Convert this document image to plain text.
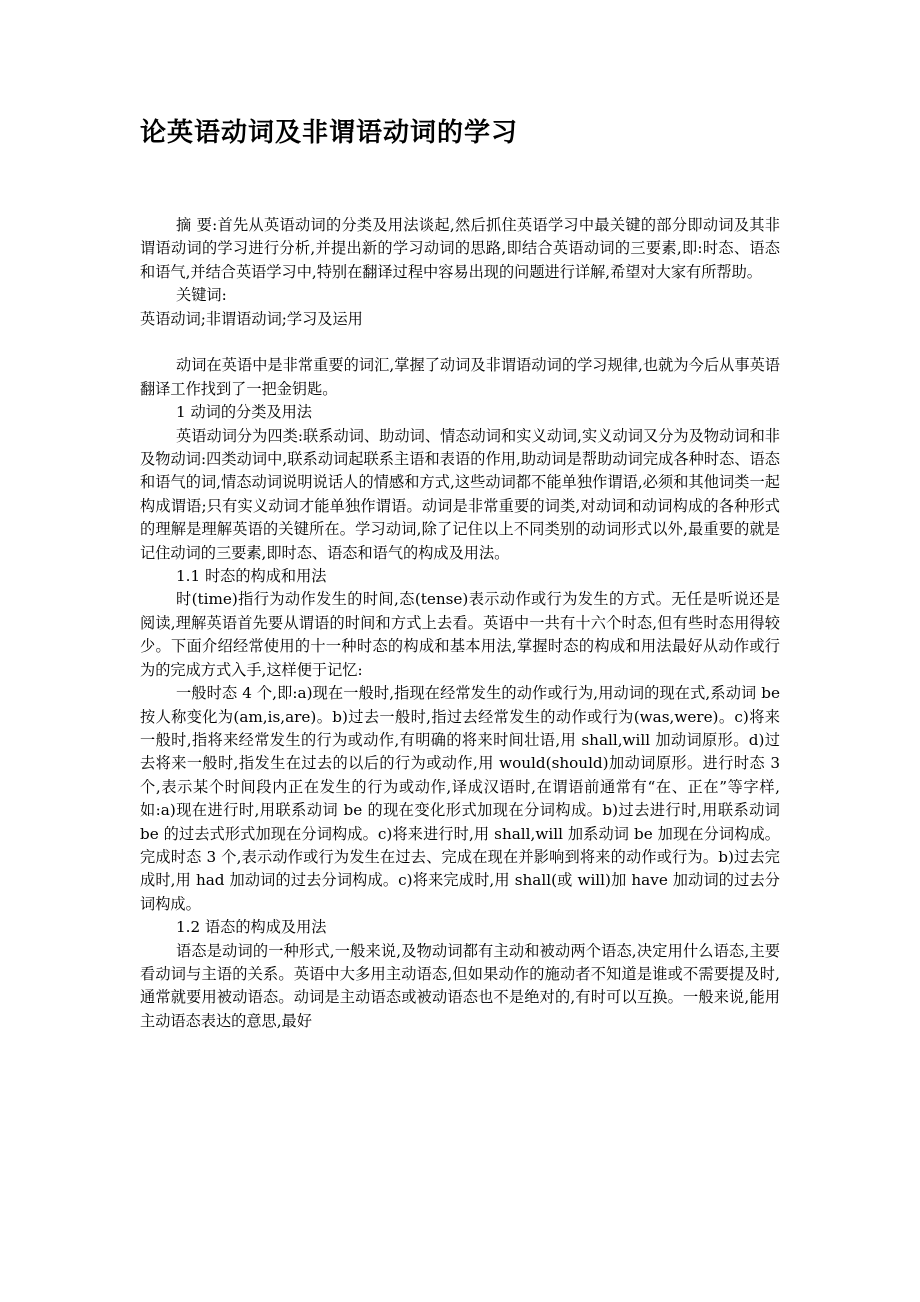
论英语动词及非谓语动词的学习

摘 要:首先从英语动词的分类及用法谈起,然后抓住英语学习中最关键的部分即动词及其非谓语动词的学习进行分析,并提出新的学习动词的思路,即结合英语动词的三要素,即:时态、语态和语气,并结合英语学习中,特别在翻译过程中容易出现的问题进行详解,希望对大家有所帮助。

关键词:

英语动词;非谓语动词;学习及运用

动词在英语中是非常重要的词汇,掌握了动词及非谓语动词的学习规律,也就为今后从事英语翻译工作找到了一把金钥匙。

1 动词的分类及用法

英语动词分为四类:联系动词、助动词、情态动词和实义动词,实义动词又分为及物动词和非及物动词:四类动词中,联系动词起联系主语和表语的作用,助动词是帮助动词完成各种时态、语态和语气的词,情态动词说明说话人的情感和方式,这些动词都不能单独作谓语,必须和其他词类一起构成谓语;只有实义动词才能单独作谓语。动词是非常重要的词类,对动词和动词构成的各种形式的理解是理解英语的关键所在。学习动词,除了记住以上不同类别的动词形式以外,最重要的就是记住动词的三要素,即时态、语态和语气的构成及用法。

1.1 时态的构成和用法

时(time)指行为动作发生的时间,态(tense)表示动作或行为发生的方式。无任是听说还是阅读,理解英语首先要从谓语的时间和方式上去看。英语中一共有十六个时态,但有些时态用得较少。下面介绍经常使用的十一种时态的构成和基本用法,掌握时态的构成和用法最好从动作或行为的完成方式入手,这样便于记忆:

一般时态 4 个,即:a)现在一般时,指现在经常发生的动作或行为,用动词的现在式,系动词 be 按人称变化为(am,is,are)。b)过去一般时,指过去经常发生的动作或行为(was,were)。c)将来一般时,指将来经常发生的行为或动作,有明确的将来时间壮语,用 shall,will 加动词原形。d)过去将来一般时,指发生在过去的以后的行为或动作,用 would(should)加动词原形。进行时态 3 个,表示某个时间段内正在发生的行为或动作,译成汉语时,在谓语前通常有“在、正在”等字样,如:a)现在进行时,用联系动词 be 的现在变化形式加现在分词构成。b)过去进行时,用联系动词 be 的过去式形式加现在分词构成。c)将来进行时,用 shall,will 加系动词 be 加现在分词构成。完成时态 3 个,表示动作或行为发生在过去、完成在现在并影响到将来的动作或行为。b)过去完成时,用 had 加动词的过去分词构成。c)将来完成时,用 shall(或 will)加 have 加动词的过去分词构成。

1.2 语态的构成及用法

语态是动词的一种形式,一般来说,及物动词都有主动和被动两个语态,决定用什么语态,主要看动词与主语的关系。英语中大多用主动语态,但如果动作的施动者不知道是谁或不需要提及时,通常就要用被动语态。动词是主动语态或被动语态也不是绝对的,有时可以互换。一般来说,能用主动语态表达的意思,最好
